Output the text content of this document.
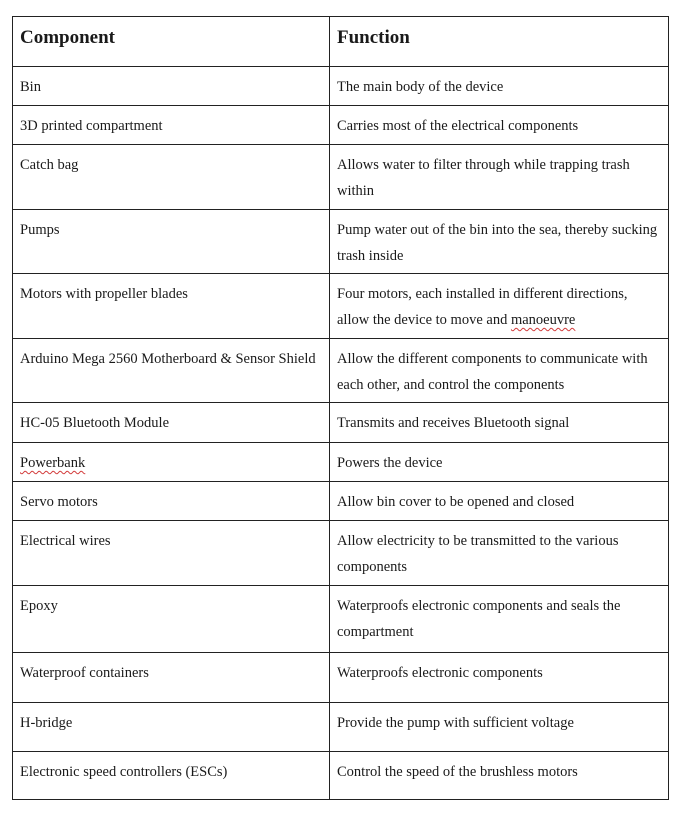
Component	Function
Bin	The main body of the device
3D printed compartment	Carries most of the electrical components
Catch bag	Allows water to filter through while trapping trash within
Pumps	Pump water out of the bin into the sea, thereby sucking trash inside
Motors with propeller blades	Four motors, each installed in different directions, allow the device to move and manoeuvre
Arduino Mega 2560 Motherboard & Sensor Shield	Allow the different components to communicate with each other, and control the components
HC-05 Bluetooth Module	Transmits and receives Bluetooth signal
Powerbank	Powers the device
Servo motors	Allow bin cover to be opened and closed
Electrical wires	Allow electricity to be transmitted to the various components
Epoxy	Waterproofs electronic components and seals the compartment
Waterproof containers	Waterproofs electronic components
H-bridge	Provide the pump with sufficient voltage
Electronic speed controllers (ESCs)	Control the speed of the brushless motors
